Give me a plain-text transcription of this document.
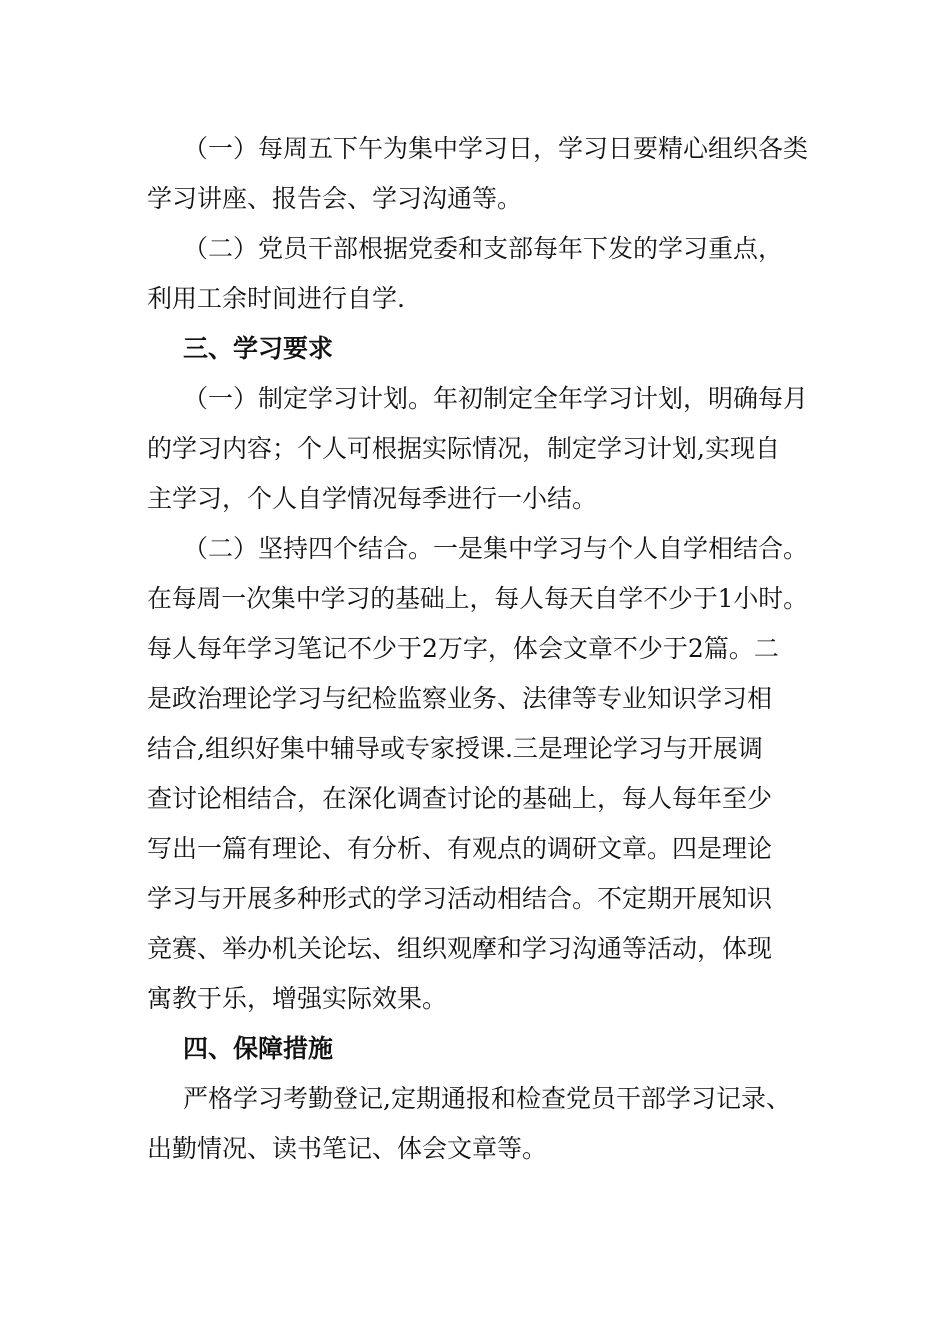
（一）每周五下午为集中学习日，学习日要精心组织各类
学习讲座、报告会、学习沟通等。
（二）党员干部根据党委和支部每年下发的学习重点，
利用工余时间进行自学.
三、学习要求
（一）制定学习计划。年初制定全年学习计划，明确每月
的学习内容；个人可根据实际情况，制定学习计划,实现自
主学习，个人自学情况每季进行一小结。
（二）坚持四个结合。一是集中学习与个人自学相结合。
在每周一次集中学习的基础上，每人每天自学不少于1小时。
每人每年学习笔记不少于2万字，体会文章不少于2篇。二
是政治理论学习与纪检监察业务、法律等专业知识学习相
结合,组织好集中辅导或专家授课.三是理论学习与开展调
查讨论相结合，在深化调查讨论的基础上，每人每年至少
写出一篇有理论、有分析、有观点的调研文章。四是理论
学习与开展多种形式的学习活动相结合。不定期开展知识
竞赛、举办机关论坛、组织观摩和学习沟通等活动，体现
寓教于乐，增强实际效果。
四、保障措施
严格学习考勤登记,定期通报和检查党员干部学习记录、
出勤情况、读书笔记、体会文章等。
